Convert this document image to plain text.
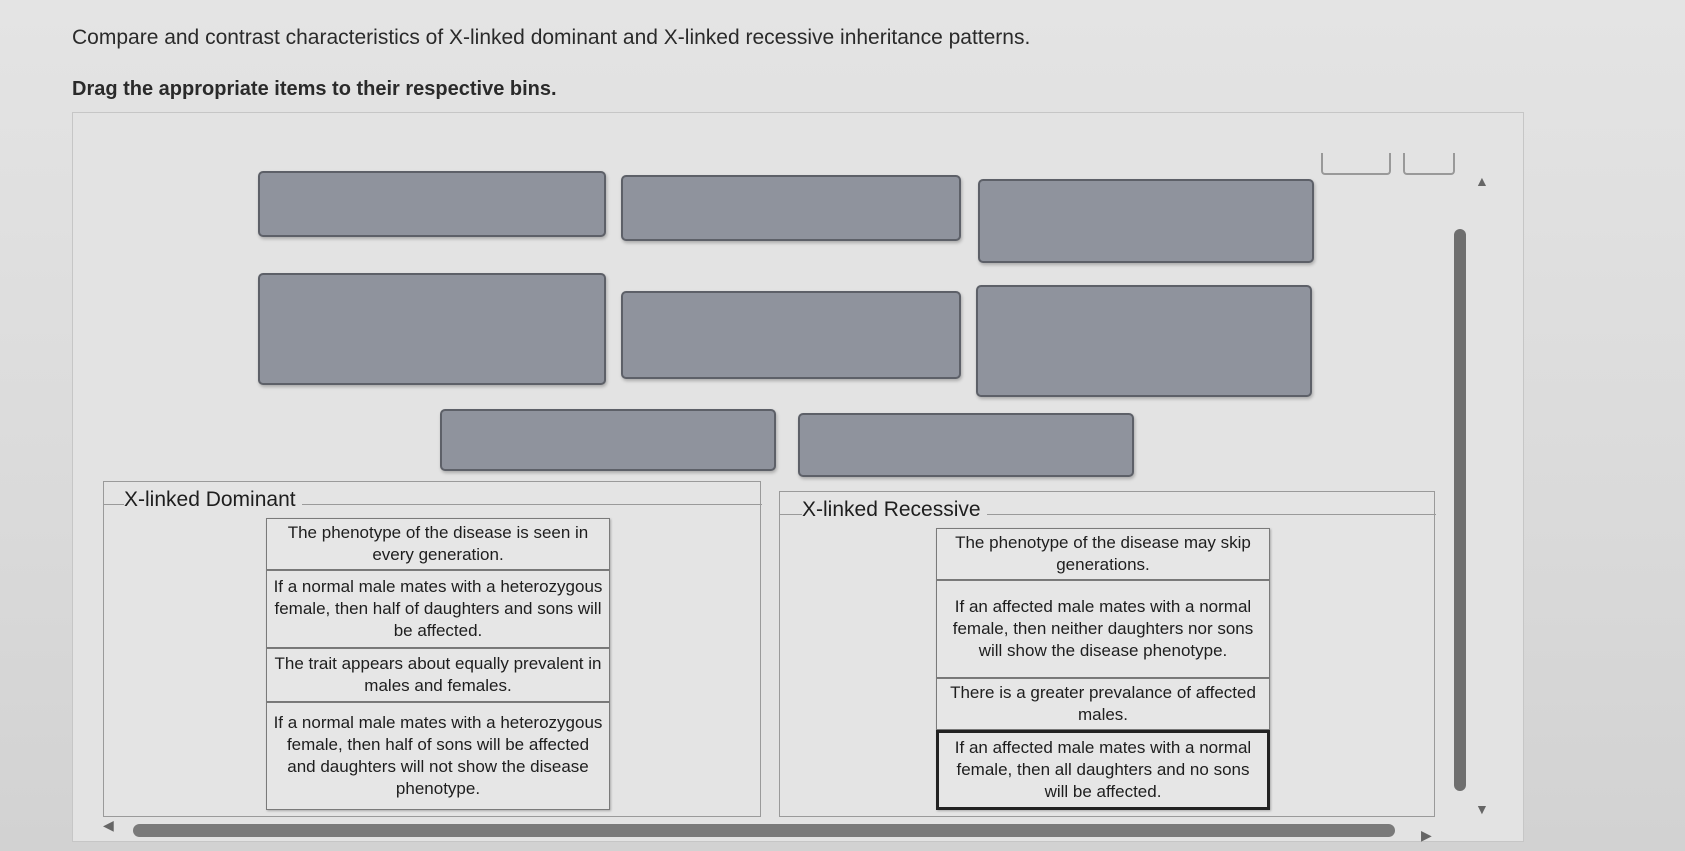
Compare and contrast characteristics of X-linked dominant and X-linked recessive inheritance patterns.
Drag the appropriate items to their respective bins.
X-linked Dominant
The phenotype of the disease is seen in every generation.
If a normal male mates with a heterozygous female, then half of daughters and sons will be affected.
The trait appears about equally prevalent in males and females.
If a normal male mates with a heterozygous female, then half of sons will be affected and daughters will not show the disease phenotype.
X-linked Recessive
The phenotype of the disease may skip generations.
If an affected male mates with a normal female, then neither daughters nor sons will show the disease phenotype.
There is a greater prevalance of affected males.
If an affected male mates with a normal female, then all daughters and no sons will be affected.
▲
▼
◀
▶
